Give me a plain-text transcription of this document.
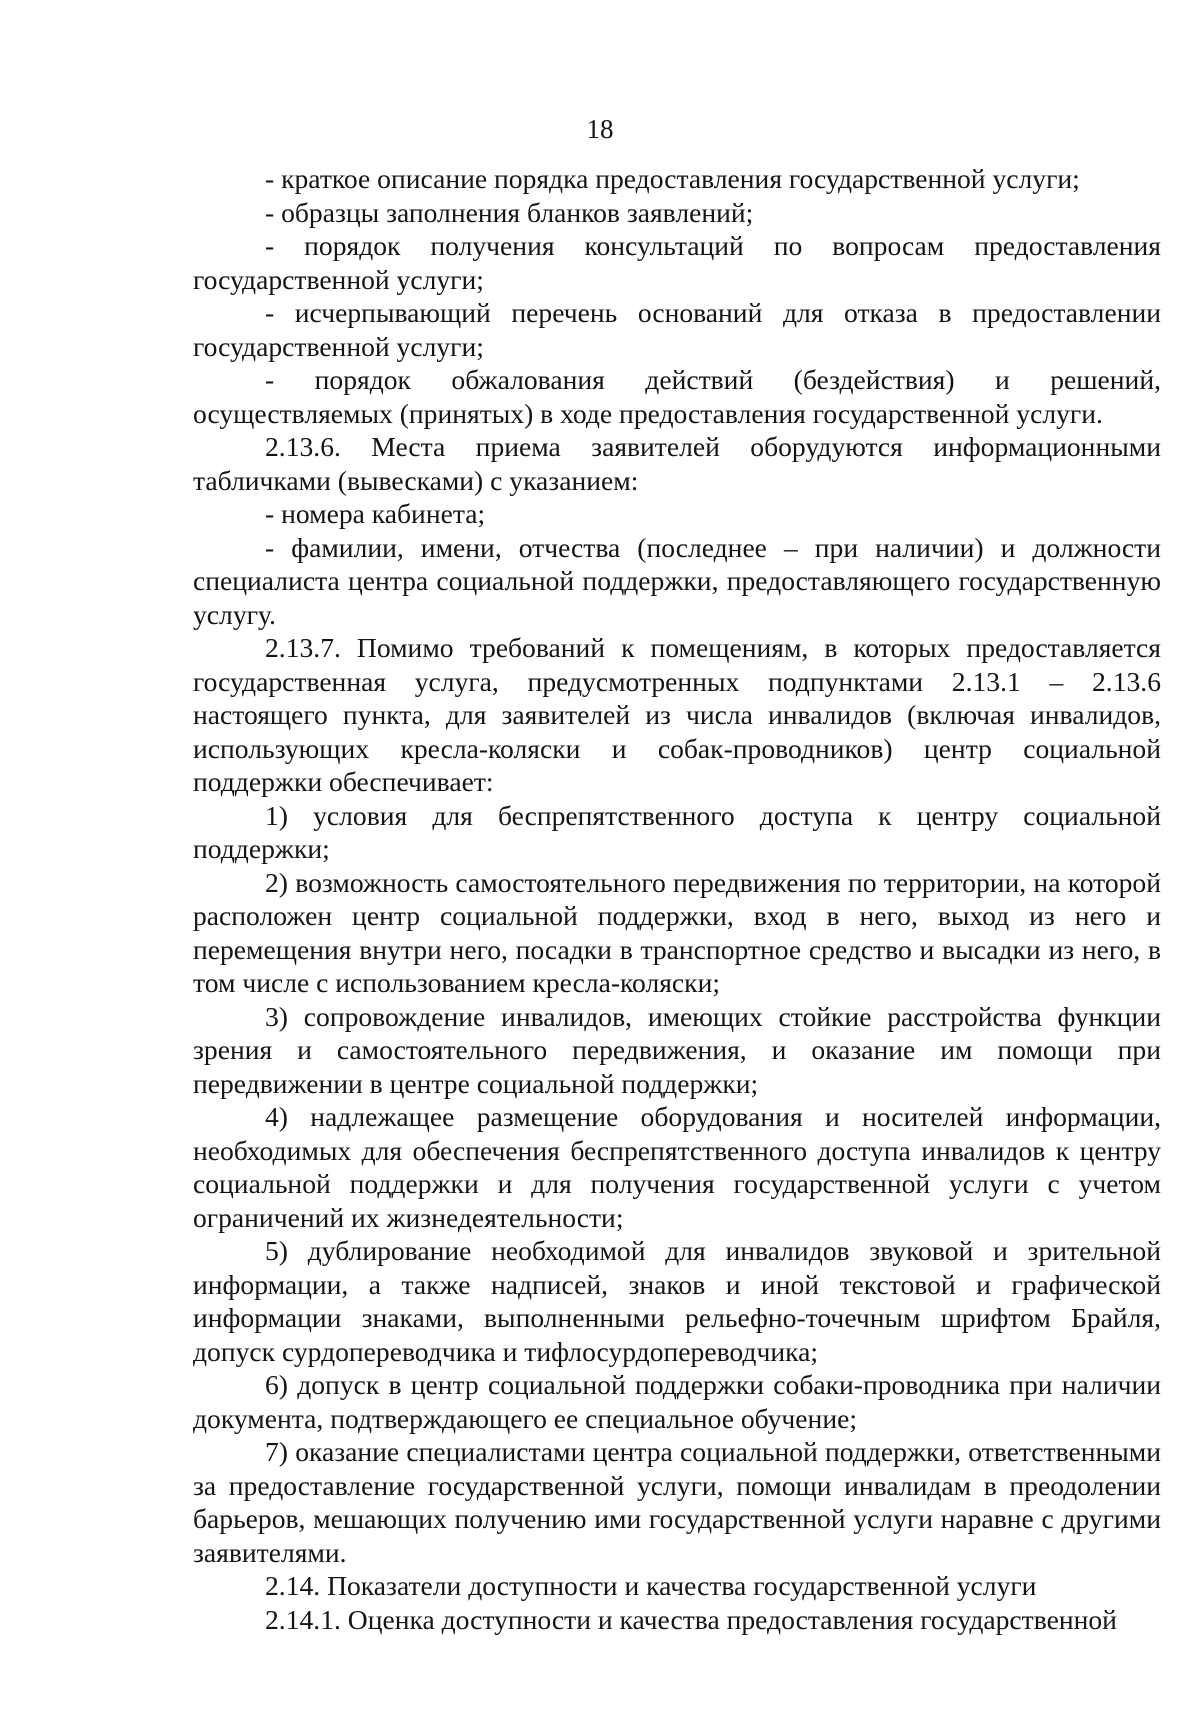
18

- краткое описание порядка предоставления государственной услуги;

- образцы заполнения бланков заявлений;

- порядок получения консультаций по вопросам предоставления государственной услуги;

- исчерпывающий перечень оснований для отказа в предоставлении государственной услуги;

- порядок обжалования действий (бездействия) и решений, осуществляемых (принятых) в ходе предоставления государственной услуги.

2.13.6. Места приема заявителей оборудуются информационными табличками (вывесками) с указанием:

- номера кабинета;

- фамилии, имени, отчества (последнее – при наличии) и должности специалиста центра социальной поддержки, предоставляющего государственную услугу.

2.13.7. Помимо требований к помещениям, в которых предоставляется государственная услуга, предусмотренных подпунктами 2.13.1 – 2.13.6 настоящего пункта, для заявителей из числа инвалидов (включая инвалидов, использующих кресла-коляски и собак-проводников) центр социальной поддержки обеспечивает:

1) условия для беспрепятственного доступа к центру социальной поддержки;

2) возможность самостоятельного передвижения по территории, на которой расположен центр социальной поддержки, вход в него, выход из него и перемещения внутри него, посадки в транспортное средство и высадки из него, в том числе с использованием кресла-коляски;

3) сопровождение инвалидов, имеющих стойкие расстройства функции зрения и самостоятельного передвижения, и оказание им помощи при передвижении в центре социальной поддержки;

4) надлежащее размещение оборудования и носителей информации, необходимых для обеспечения беспрепятственного доступа инвалидов к центру социальной поддержки и для получения государственной услуги с учетом ограничений их жизнедеятельности;

5) дублирование необходимой для инвалидов звуковой и зрительной информации, а также надписей, знаков и иной текстовой и графической информации знаками, выполненными рельефно-точечным шрифтом Брайля, допуск сурдопереводчика и тифлосурдопереводчика;

6) допуск в центр социальной поддержки собаки-проводника при наличии документа, подтверждающего ее специальное обучение;

7) оказание специалистами центра социальной поддержки, ответственными за предоставление государственной услуги, помощи инвалидам в преодолении барьеров, мешающих получению ими государственной услуги наравне с другими заявителями.

2.14. Показатели доступности и качества государственной услуги

2.14.1. Оценка доступности и качества предоставления государственной
